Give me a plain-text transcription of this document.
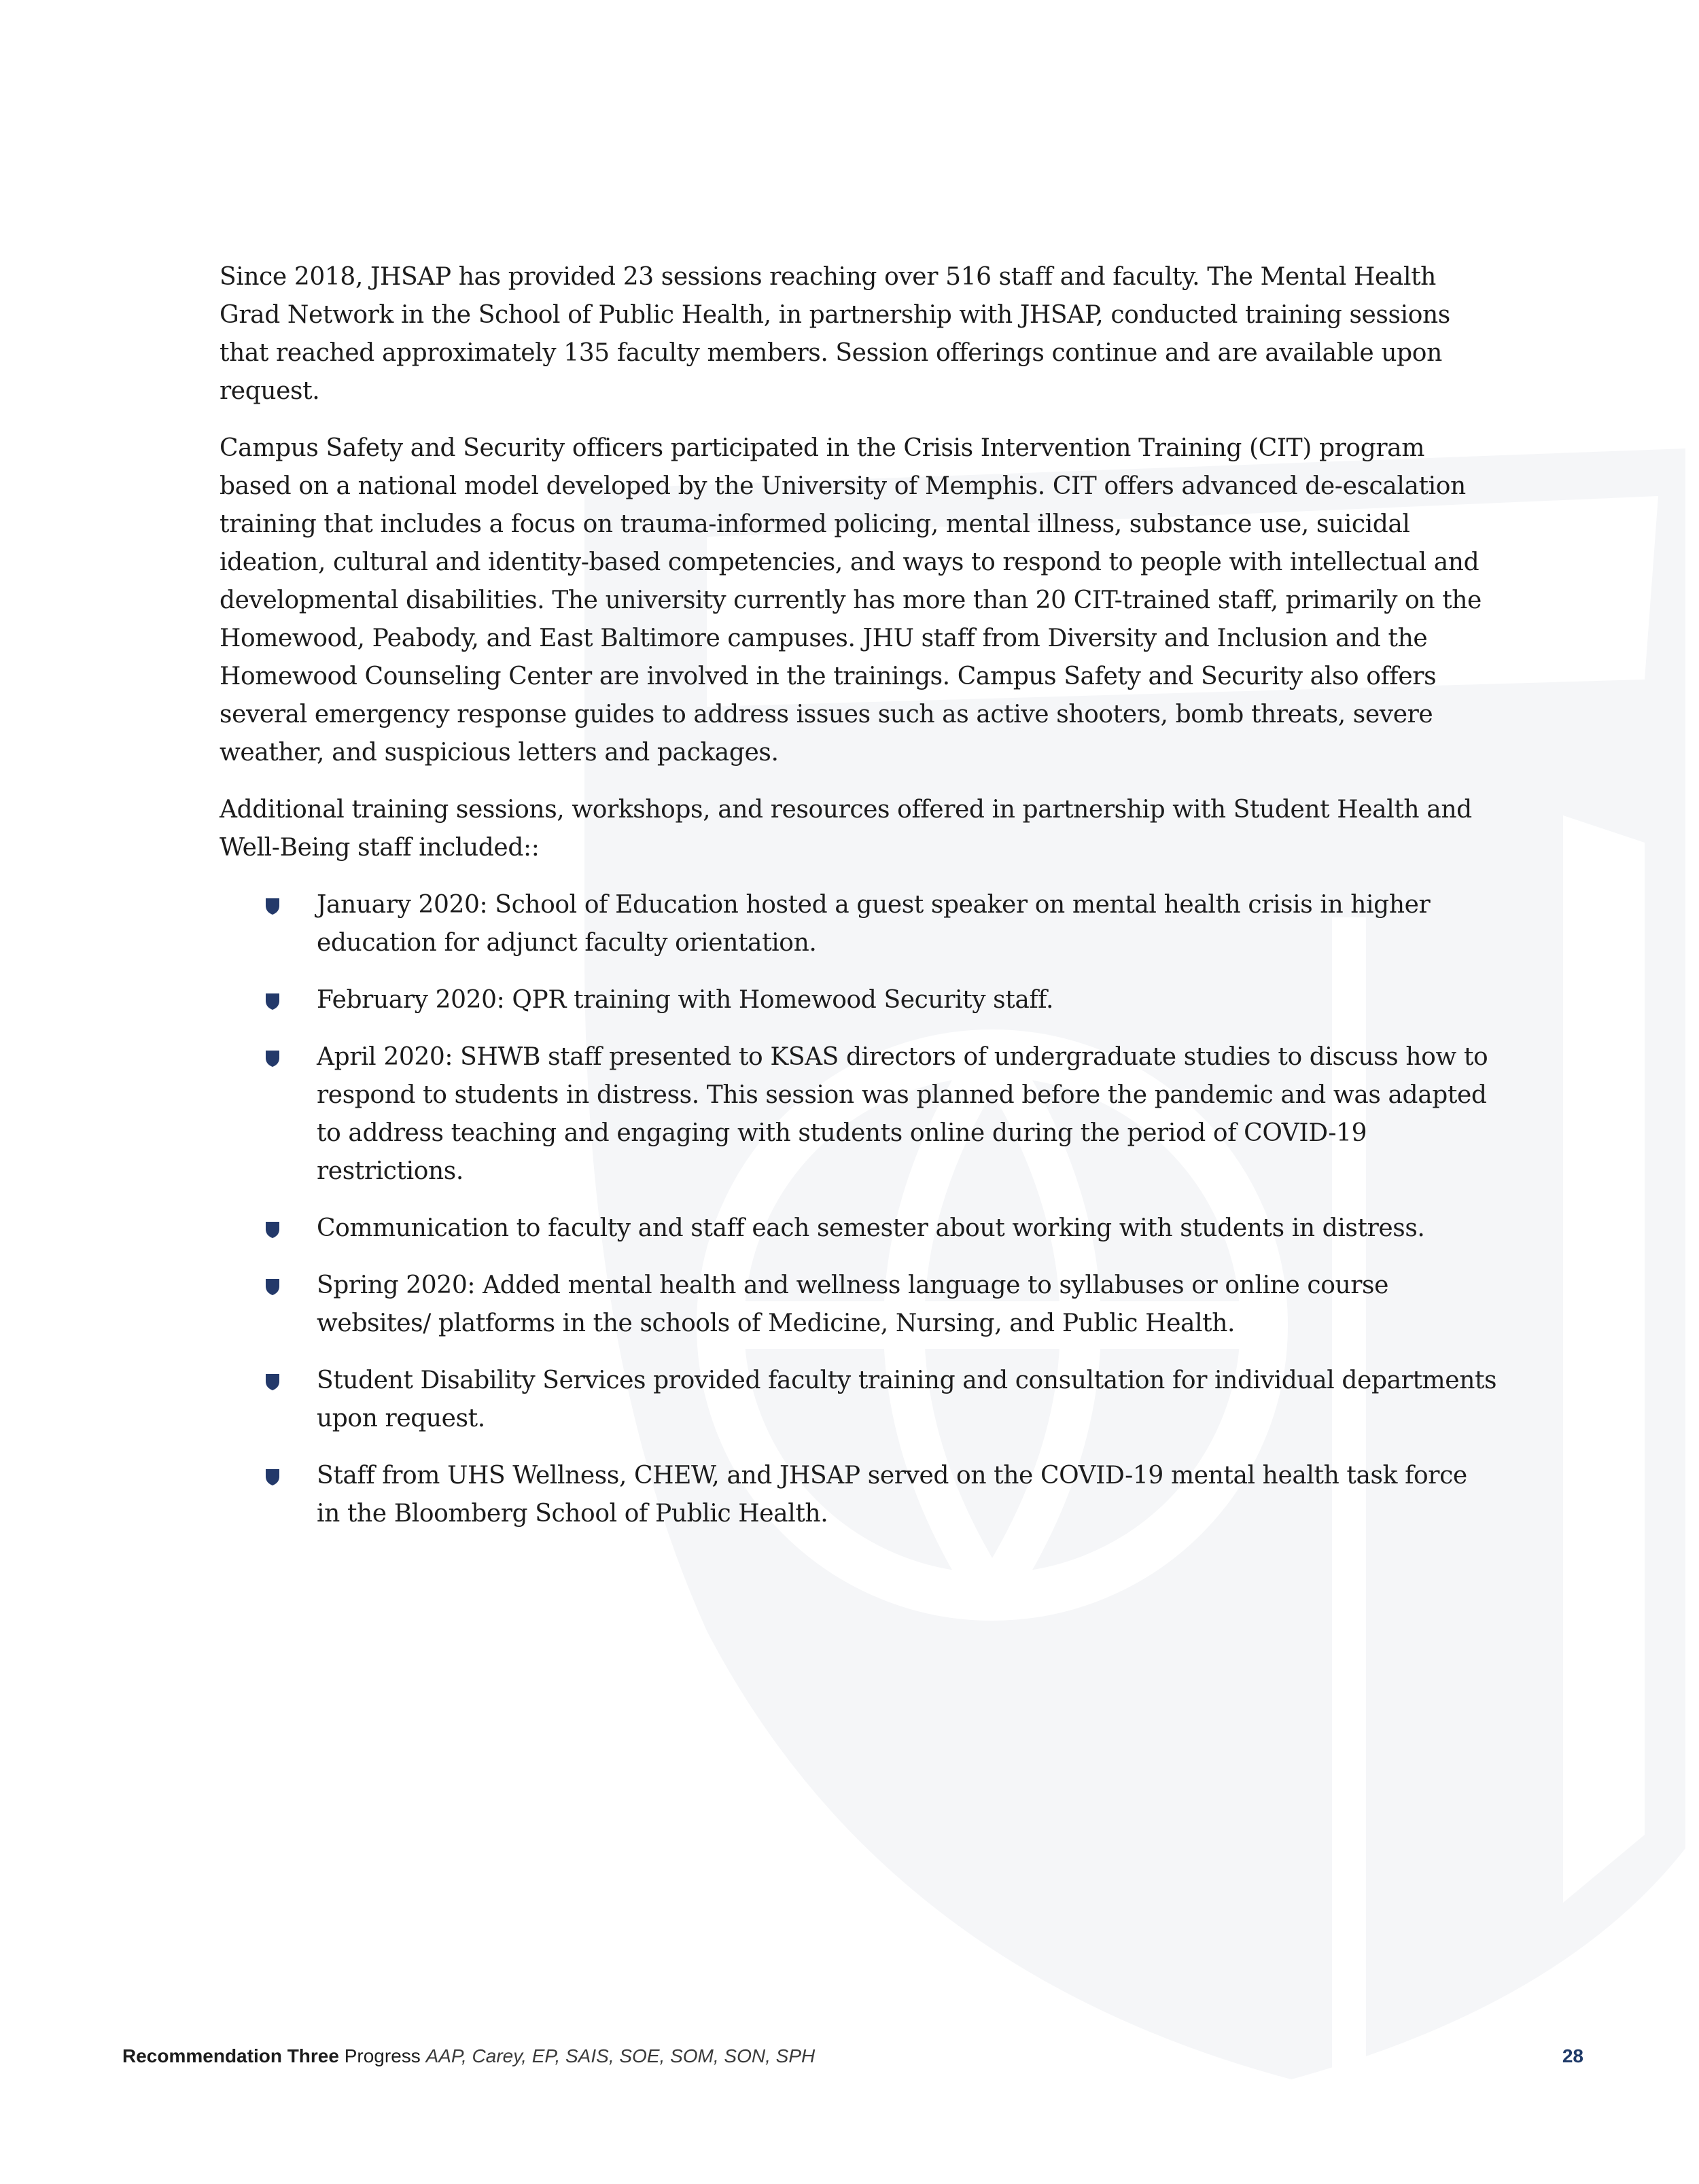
Since 2018, JHSAP has provided 23 sessions reaching over 516 staff and faculty. The Mental Health Grad Network in the School of Public Health, in partnership with JHSAP, conducted training sessions that reached approximately 135 faculty members. Session offerings continue and are available upon request.

Campus Safety and Security officers participated in the Crisis Intervention Training (CIT) program based on a national model developed by the University of Memphis. CIT offers advanced de-escalation training that includes a focus on trauma-informed policing, mental illness, substance use, suicidal ideation, cultural and identity-based competencies, and ways to respond to people with intellectual and developmental disabilities. The university currently has more than 20 CIT-trained staff, primarily on the Homewood, Peabody, and East Baltimore campuses. JHU staff from Diversity and Inclusion and the Homewood Counseling Center are involved in the trainings. Campus Safety and Security also offers several emergency response guides to address issues such as active shooters, bomb threats, severe weather, and suspicious letters and packages.

Additional training sessions, workshops, and resources offered in partnership with Student Health and Well-Being staff included::

January 2020: School of Education hosted a guest speaker on mental health crisis in higher education for adjunct faculty orientation.
February 2020: QPR training with Homewood Security staff.
April 2020: SHWB staff presented to KSAS directors of undergraduate studies to discuss how to respond to students in distress. This session was planned before the pandemic and was adapted to address teaching and engaging with students online during the period of COVID-19 restrictions.
Communication to faculty and staff each semester about working with students in distress.
Spring 2020: Added mental health and wellness language to syllabuses or online course websites/ platforms in the schools of Medicine, Nursing, and Public Health.
Student Disability Services provided faculty training and consultation for individual departments upon request.
Staff from UHS Wellness, CHEW, and JHSAP served on the COVID-19 mental health task force in the Bloomberg School of Public Health.
Recommendation Three Progress AAP, Carey, EP, SAIS, SOE, SOM, SON, SPH	28
